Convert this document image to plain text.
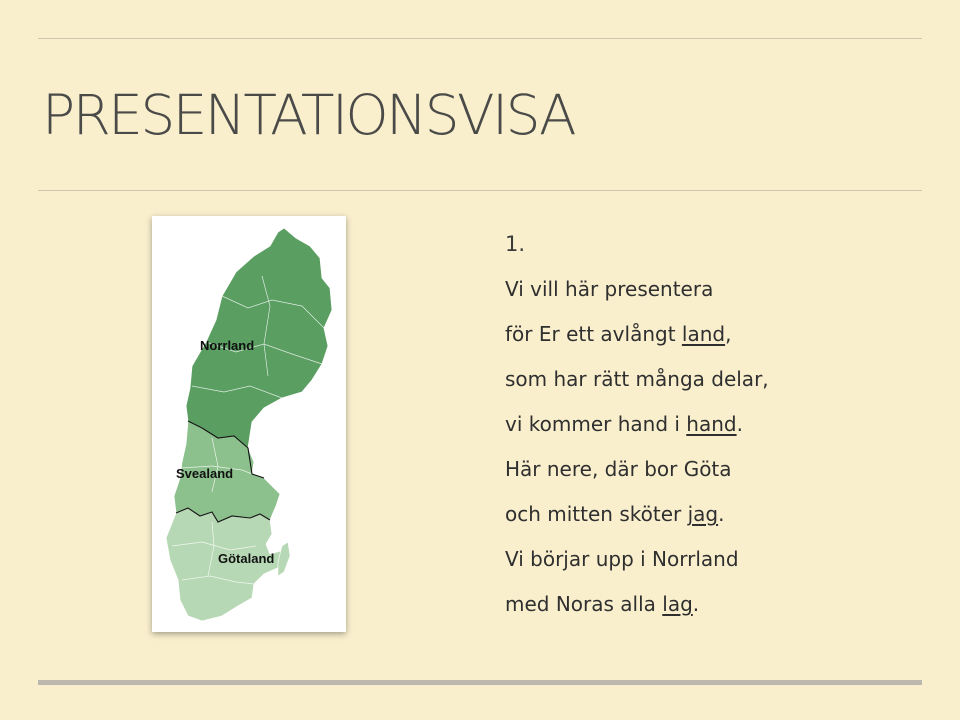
PRESENTATIONSVISA
Norrland
Svealand
Götaland
1.
Vi vill här presentera
för Er ett avlångt land,
som har rätt många delar,
vi kommer hand i hand.
Här nere, där bor Göta
och mitten sköter jag.
Vi börjar upp i Norrland
med Noras alla lag.
